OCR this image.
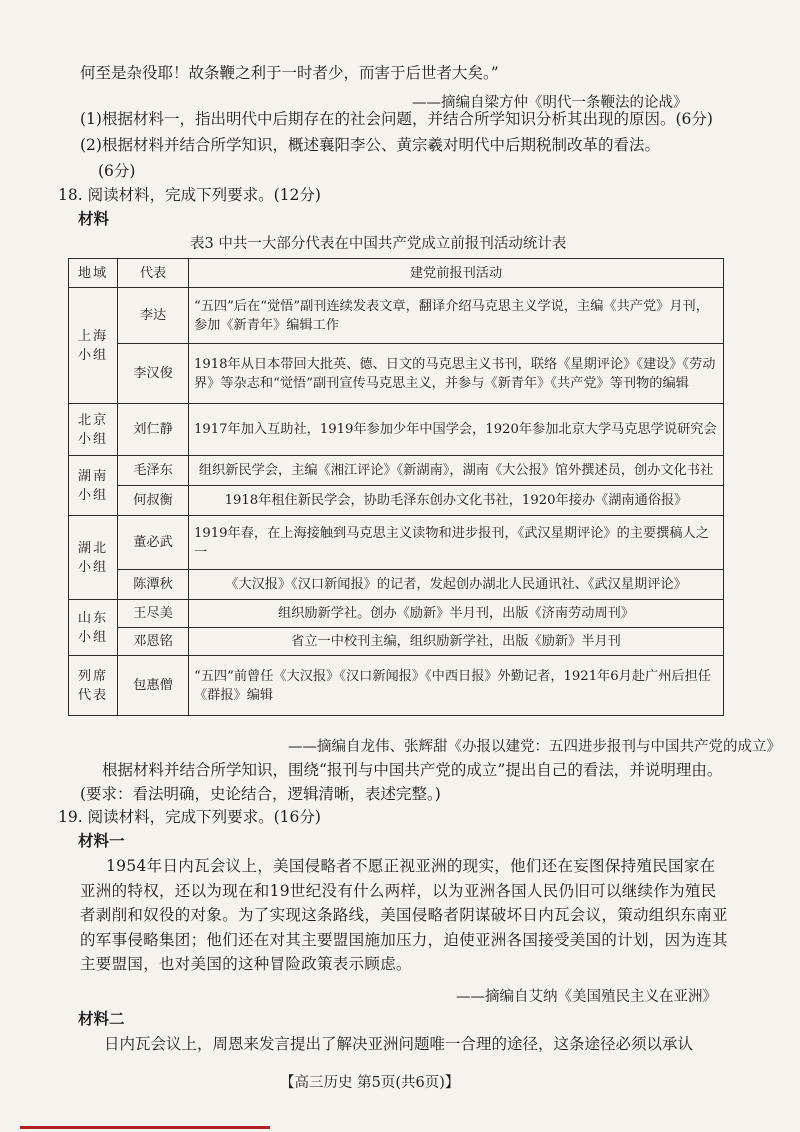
何至是杂役耶！故条鞭之利于一时者少，而害于后世者大矣。”
——摘编自梁方仲《明代一条鞭法的论战》
(1)根据材料一，指出明代中后期存在的社会问题，并结合所学知识分析其出现的原因。(6分)
(2)根据材料并结合所学知识，概述襄阳李公、黄宗羲对明代中后期税制改革的看法。
(6分)
18. 阅读材料，完成下列要求。(12分)
材料
表3 中共一大部分代表在中国共产党成立前报刊活动统计表
地域	代表	建党前报刊活动
上海小组	李达	“五四”后在“觉悟”副刊连续发表文章，翻译介绍马克思主义学说，主编《共产党》月刊，参加《新青年》编辑工作
	李汉俊	1918年从日本带回大批英、德、日文的马克思主义书刊，联络《星期评论》《建设》《劳动界》等杂志和“觉悟”副刊宣传马克思主义，并参与《新青年》《共产党》等刊物的编辑
北京小组	刘仁静	1917年加入互助社，1919年参加少年中国学会，1920年参加北京大学马克思学说研究会
湖南小组	毛泽东	组织新民学会，主编《湘江评论》《新湖南》，湖南《大公报》馆外撰述员，创办文化书社
	何叔衡	1918年租住新民学会，协助毛泽东创办文化书社，1920年接办《湖南通俗报》
湖北小组	董必武	1919年春，在上海接触到马克思主义读物和进步报刊，《武汉星期评论》的主要撰稿人之一
	陈潭秋	《大汉报》《汉口新闻报》的记者，发起创办湖北人民通讯社、《武汉星期评论》
山东小组	王尽美	组织励新学社。创办《励新》半月刊，出版《济南劳动周刊》
	邓恩铭	省立一中校刊主编，组织励新学社，出版《励新》半月刊
列席代表	包惠僧	“五四”前曾任《大汉报》《汉口新闻报》《中西日报》外勤记者，1921年6月赴广州后担任《群报》编辑
——摘编自龙伟、张辉甜《办报以建党：五四进步报刊与中国共产党的成立》
根据材料并结合所学知识，围绕“报刊与中国共产党的成立”提出自己的看法，并说明理由。(要求：看法明确，史论结合，逻辑清晰，表述完整。)
19. 阅读材料，完成下列要求。(16分)
材料一
1954年日内瓦会议上，美国侵略者不愿正视亚洲的现实，他们还在妄图保持殖民国家在亚洲的特权，还以为现在和19世纪没有什么两样，以为亚洲各国人民仍旧可以继续作为殖民者剥削和奴役的对象。为了实现这条路线，美国侵略者阴谋破坏日内瓦会议，策动组织东南亚的军事侵略集团；他们还在对其主要盟国施加压力，迫使亚洲各国接受美国的计划，因为连其主要盟国，也对美国的这种冒险政策表示顾虑。
——摘编自艾纳《美国殖民主义在亚洲》
材料二
日内瓦会议上，周恩来发言提出了解决亚洲问题唯一合理的途径，这条途径必须以承认
【高三历史 第5页(共6页)】
